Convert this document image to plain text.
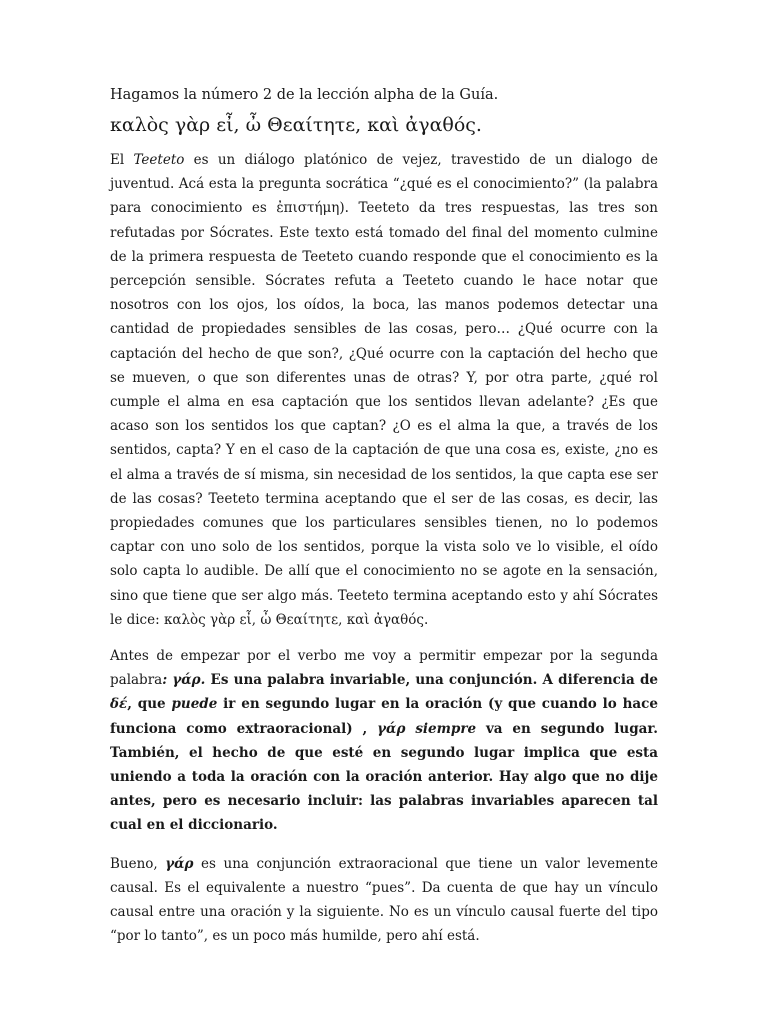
Hagamos la número 2 de la lección alpha de la Guía.

καλὸς γὰρ εἶ, ὦ Θεαίτητε, καὶ ἀγαθός.

El Teeteto es un diálogo platónico de vejez, travestido de un dialogo de juventud. Acá esta la pregunta socrática “¿qué es el conocimiento?” (la palabra para conocimiento es ἐπιστήμη). Teeteto da tres respuestas, las tres son refutadas por Sócrates. Este texto está tomado del final del momento culmine de la primera respuesta de Teeteto cuando responde que el conocimiento es la percepción sensible. Sócrates refuta a Teeteto cuando le hace notar que nosotros con los ojos, los oídos, la boca, las manos podemos detectar una cantidad de propiedades sensibles de las cosas, pero… ¿Qué ocurre con la captación del hecho de que son?, ¿Qué ocurre con la captación del hecho que se mueven, o que son diferentes unas de otras? Y, por otra parte, ¿qué rol cumple el alma en esa captación que los sentidos llevan adelante? ¿Es que acaso son los sentidos los que captan? ¿O es el alma la que, a través de los sentidos, capta? Y en el caso de la captación de que una cosa es, existe, ¿no es el alma a través de sí misma, sin necesidad de los sentidos, la que capta ese ser de las cosas? Teeteto termina aceptando que el ser de las cosas, es decir, las propiedades comunes que los particulares sensibles tienen, no lo podemos captar con uno solo de los sentidos, porque la vista solo ve lo visible, el oído solo capta lo audible. De allí que el conocimiento no se agote en la sensación, sino que tiene que ser algo más. Teeteto termina aceptando esto y ahí Sócrates le dice: καλὸς γὰρ εἶ, ὦ Θεαίτητε, καὶ ἀγαθός.

Antes de empezar por el verbo me voy a permitir empezar por la segunda palabra: γάρ. Es una palabra invariable, una conjunción. A diferencia de δέ, que puede ir en segundo lugar en la oración (y que cuando lo hace funciona como extraoracional) , γάρ siempre va en segundo lugar. También, el hecho de que esté en segundo lugar implica que esta uniendo a toda la oración con la oración anterior. Hay algo que no dije antes, pero es necesario incluir: las palabras invariables aparecen tal cual en el diccionario.

Bueno, γάρ es una conjunción extraoracional que tiene un valor levemente causal. Es el equivalente a nuestro “pues”. Da cuenta de que hay un vínculo causal entre una oración y la siguiente. No es un vínculo causal fuerte del tipo “por lo tanto”, es un poco más humilde, pero ahí está.
